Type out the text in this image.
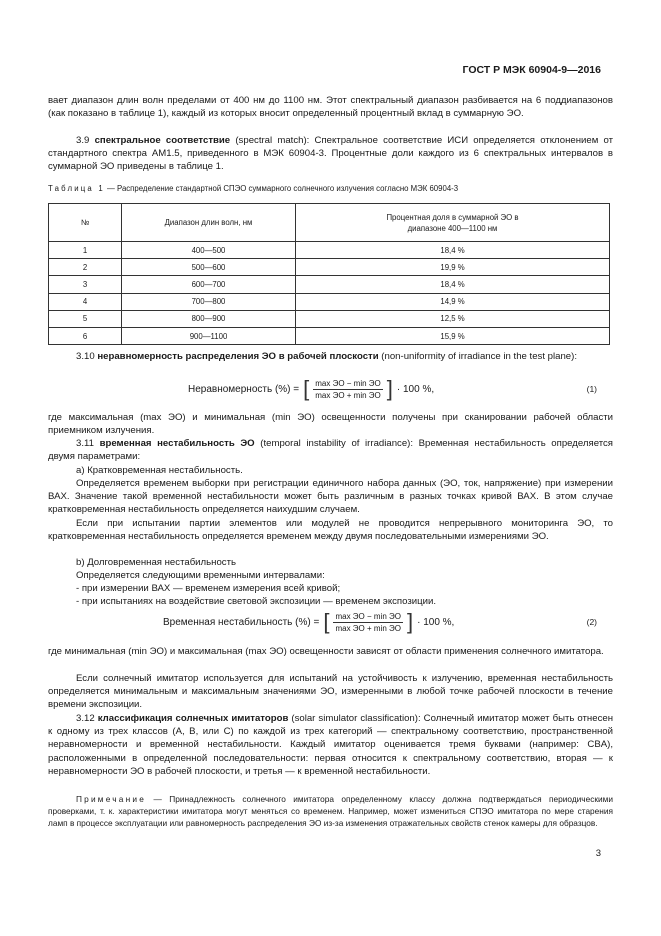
ГОСТ Р МЭК 60904-9—2016
вает диапазон длин волн пределами от 400 нм до 1100 нм. Этот спектральный диапазон разбивается на 6 поддиапазонов (как показано в таблице 1), каждый из которых вносит определенный процентный вклад в суммарную ЭО.
3.9 спектральное соответствие (spectral match): Спектральное соответствие ИСИ определяется отклонением от стандартного спектра AM1.5, приведенного в МЭК 60904-3. Процентные доли каждого из 6 спектральных интервалов в суммарной ЭО приведены в таблице 1.
Таблица 1 — Распределение стандартной СПЭО суммарного солнечного излучения согласно МЭК 60904-3
№	Диапазон длин волн, нм	Процентная доля в суммарной ЭО в диапазоне 400—1100 нм

1	400—500	18,4 %
2	500—600	19,9 %
3	600—700	18,4 %
4	700—800	14,9 %
5	800—900	12,5 %
6	900—1100	15,9 %
3.10 неравномерность распределения ЭО в рабочей плоскости (non-uniformity of irradiance in the test plane):
Неравномерность (%) = [ $\frac{\text{max ЭО − min ЭО}}{\text{max ЭО + min ЭО}}$ ] · 100 %,	(1)
где максимальная (max ЭО) и минимальная (min ЭО) освещенности получены при сканировании рабочей области приемником излучения.
3.11 временная нестабильность ЭО (temporal instability of irradiance): Временная нестабильность определяется двумя параметрами:
а) Кратковременная нестабильность.
Определяется временем выборки при регистрации единичного набора данных (ЭО, ток, напряжение) при измерении ВАХ. Значение такой временной нестабильности может быть различным в разных точках кривой ВАХ. В этом случае кратковременная нестабильность определяется наихудшим случаем.
Если при испытании партии элементов или модулей не проводится непрерывного мониторинга ЭО, то кратковременная нестабильность определяется временем между двумя последовательными измерениями ЭО.
b) Долговременная нестабильность
Определяется следующими временными интервалами:
- при измерении ВАХ — временем измерения всей кривой;
- при испытаниях на воздействие световой экспозиции — временем экспозиции.
Временная нестабильность (%) = [ $\frac{\text{max ЭО − min ЭО}}{\text{max ЭО + min ЭО}}$ ] · 100 %,	(2)
где минимальная (min ЭО) и максимальная (max ЭО) освещенности зависят от области применения солнечного имитатора.
Если солнечный имитатор используется для испытаний на устойчивость к излучению, временная нестабильность определяется минимальным и максимальным значениями ЭО, измеренными в любой точке рабочей плоскости в течение времени экспозиции.
3.12 классификация солнечных имитаторов (solar simulator classification): Солнечный имитатор может быть отнесен к одному из трех классов (A, B, или C) по каждой из трех категорий — спектральному соответствию, пространственной неравномерности и временной нестабильности. Каждый имитатор оценивается тремя буквами (например: CBA), расположенными в определенной последовательности: первая относится к спектральному соответствию, вторая — к неравномерности ЭО в рабочей плоскости, и третья — к временной нестабильности.
Примечание — Принадлежность солнечного имитатора определенному классу должна подтверждаться периодическими проверками, т. к. характеристики имитатора могут меняться со временем. Например, может измениться СПЭО имитатора по мере старения ламп в процессе эксплуатации или равномерность распределения ЭО из-за изменения отражательных свойств стенок камеры для образцов.
3
